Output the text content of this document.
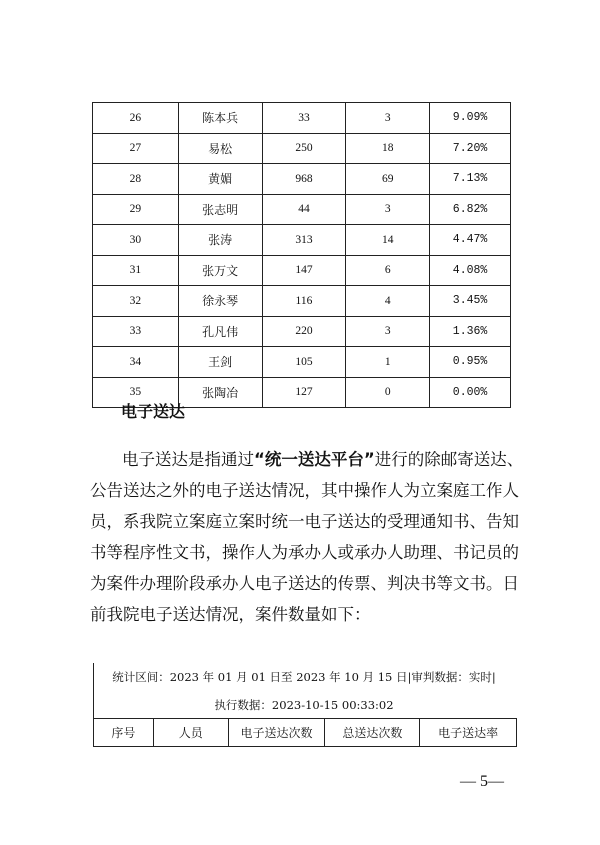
26	陈本兵	33	3	9.09%
27	易松	250	18	7.20%
28	黄媚	968	69	7.13%
29	张志明	44	3	6.82%
30	张涛	313	14	4.47%
31	张万文	147	6	4.08%
32	徐永琴	116	4	3.45%
33	孔凡伟	220	3	1.36%
34	王剑	105	1	0.95%
35	张陶冶	127	0	0.00%
电子送达
电子送达是指通过“统一送达平台”进行的除邮寄送达、
公告送达之外的电子送达情况，其中操作人为立案庭工作人
员，系我院立案庭立案时统一电子送达的受理通知书、告知
书等程序性文书，操作人为承办人或承办人助理、书记员的
为案件办理阶段承办人电子送达的传票、判决书等文书。日
前我院电子送达情况，案件数量如下：
统计区间：2023 年 01 月 01 日至 2023 年 10 月 15 日|审判数据：实时|
执行数据：2023-10-15 00:33:02
序号	人员	电子送达次数	总送达次数	电子送达率
— 5—
